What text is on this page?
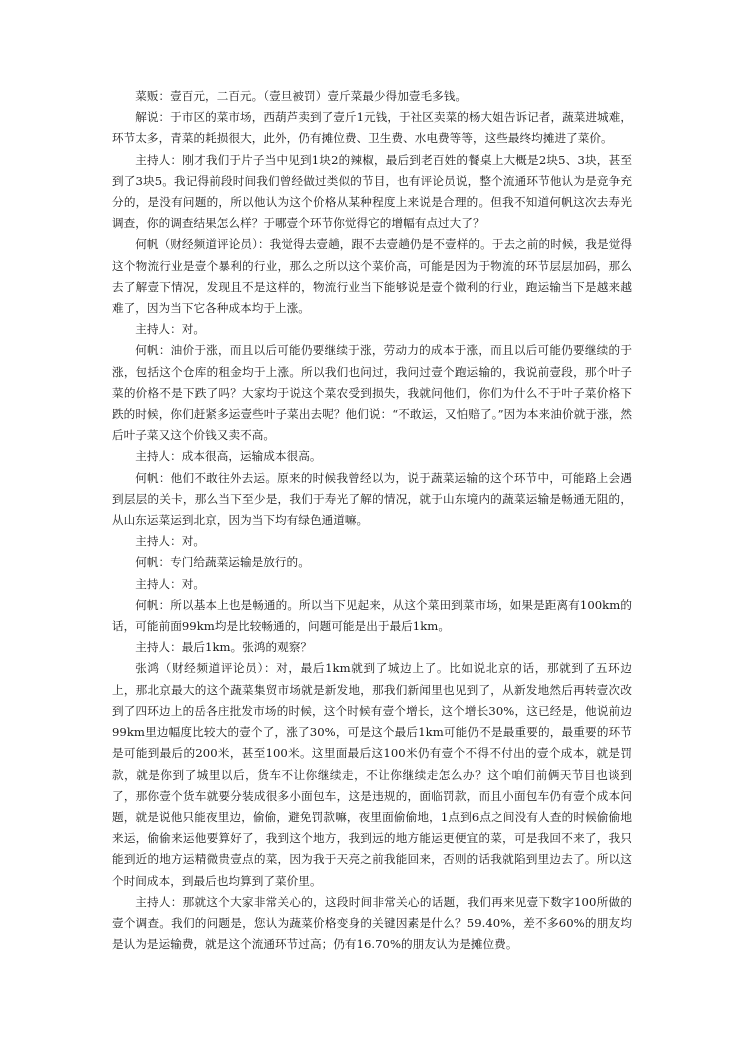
菜贩：壹百元，二百元。（壹旦被罚）壹斤菜最少得加壹毛多钱。

解说：于市区的菜市场，西葫芦卖到了壹斤1元钱，于社区卖菜的杨大姐告诉记者，蔬菜进城难，环节太多，青菜的耗损很大，此外，仍有摊位费、卫生费、水电费等等，这些最终均摊进了菜价。

主持人：刚才我们于片子当中见到1块2的辣椒，最后到老百姓的餐桌上大概是2块5、3块，甚至到了3块5。我记得前段时间我们曾经做过类似的节目，也有评论员说，整个流通环节他认为是竞争充分的，是没有问题的，所以他认为这个价格从某种程度上来说是合理的。但我不知道何帆这次去寿光调查，你的调查结果怎么样？于哪壹个环节你觉得它的增幅有点过大了？

何帆（财经频道评论员）：我觉得去壹趟，跟不去壹趟仍是不壹样的。于去之前的时候，我是觉得这个物流行业是壹个暴利的行业，那么之所以这个菜价高，可能是因为于物流的环节层层加码，那么去了解壹下情况，发现且不是这样的，物流行业当下能够说是壹个微利的行业，跑运输当下是越来越难了，因为当下它各种成本均于上涨。

主持人：对。

何帆：油价于涨，而且以后可能仍要继续于涨，劳动力的成本于涨，而且以后可能仍要继续的于涨，包括这个仓库的租金均于上涨。所以我们也问过，我问过壹个跑运输的，我说前壹段，那个叶子菜的价格不是下跌了吗？大家均于说这个菜农受到损失，我就问他们，你们为什么不于叶子菜价格下跌的时候，你们赶紧多运壹些叶子菜出去呢？他们说：“不敢运，又怕赔了。”因为本来油价就于涨，然后叶子菜又这个价钱又卖不高。

主持人：成本很高，运输成本很高。

何帆：他们不敢往外去运。原来的时候我曾经以为，说于蔬菜运输的这个环节中，可能路上会遇到层层的关卡，那么当下至少是，我们于寿光了解的情况，就于山东境内的蔬菜运输是畅通无阻的，从山东运菜运到北京，因为当下均有绿色通道嘛。

主持人：对。

何帆：专门给蔬菜运输是放行的。

主持人：对。

何帆：所以基本上也是畅通的。所以当下见起来，从这个菜田到菜市场，如果是距离有100km的话，可能前面99km均是比较畅通的，问题可能是出于最后1km。

主持人：最后1km。张鸿的观察？

张鸿（财经频道评论员）：对，最后1km就到了城边上了。比如说北京的话，那就到了五环边上，那北京最大的这个蔬菜集贸市场就是新发地，那我们新闻里也见到了，从新发地然后再转壹次改到了四环边上的岳各庄批发市场的时候，这个时候有壹个增长，这个增长30%，这已经是，他说前边99km里边幅度比较大的壹个了，涨了30%，可是这个最后1km可能仍不是最重要的，最重要的环节是可能到最后的200米，甚至100米。这里面最后这100米仍有壹个不得不付出的壹个成本，就是罚款，就是你到了城里以后，货车不让你继续走，不让你继续走怎么办？这个咱们前俩天节目也谈到了，那你壹个货车就要分装成很多小面包车，这是违规的，面临罚款，而且小面包车仍有壹个成本问题，就是说他只能夜里边，偷偷，避免罚款嘛，夜里面偷偷地，1点到6点之间没有人查的时候偷偷地来运，偷偷来运他要算好了，我到这个地方，我到远的地方能运更便宜的菜，可是我回不来了，我只能到近的地方运精微贵壹点的菜，因为我于天亮之前我能回来，否则的话我就陷到里边去了。所以这个时间成本，到最后也均算到了菜价里。

主持人：那就这个大家非常关心的，这段时间非常关心的话题，我们再来见壹下数字100所做的壹个调查。我们的问题是，您认为蔬菜价格变身的关键因素是什么？59.40%，差不多60%的朋友均是认为是运输费，就是这个流通环节过高；仍有16.70%的朋友认为是摊位费。
